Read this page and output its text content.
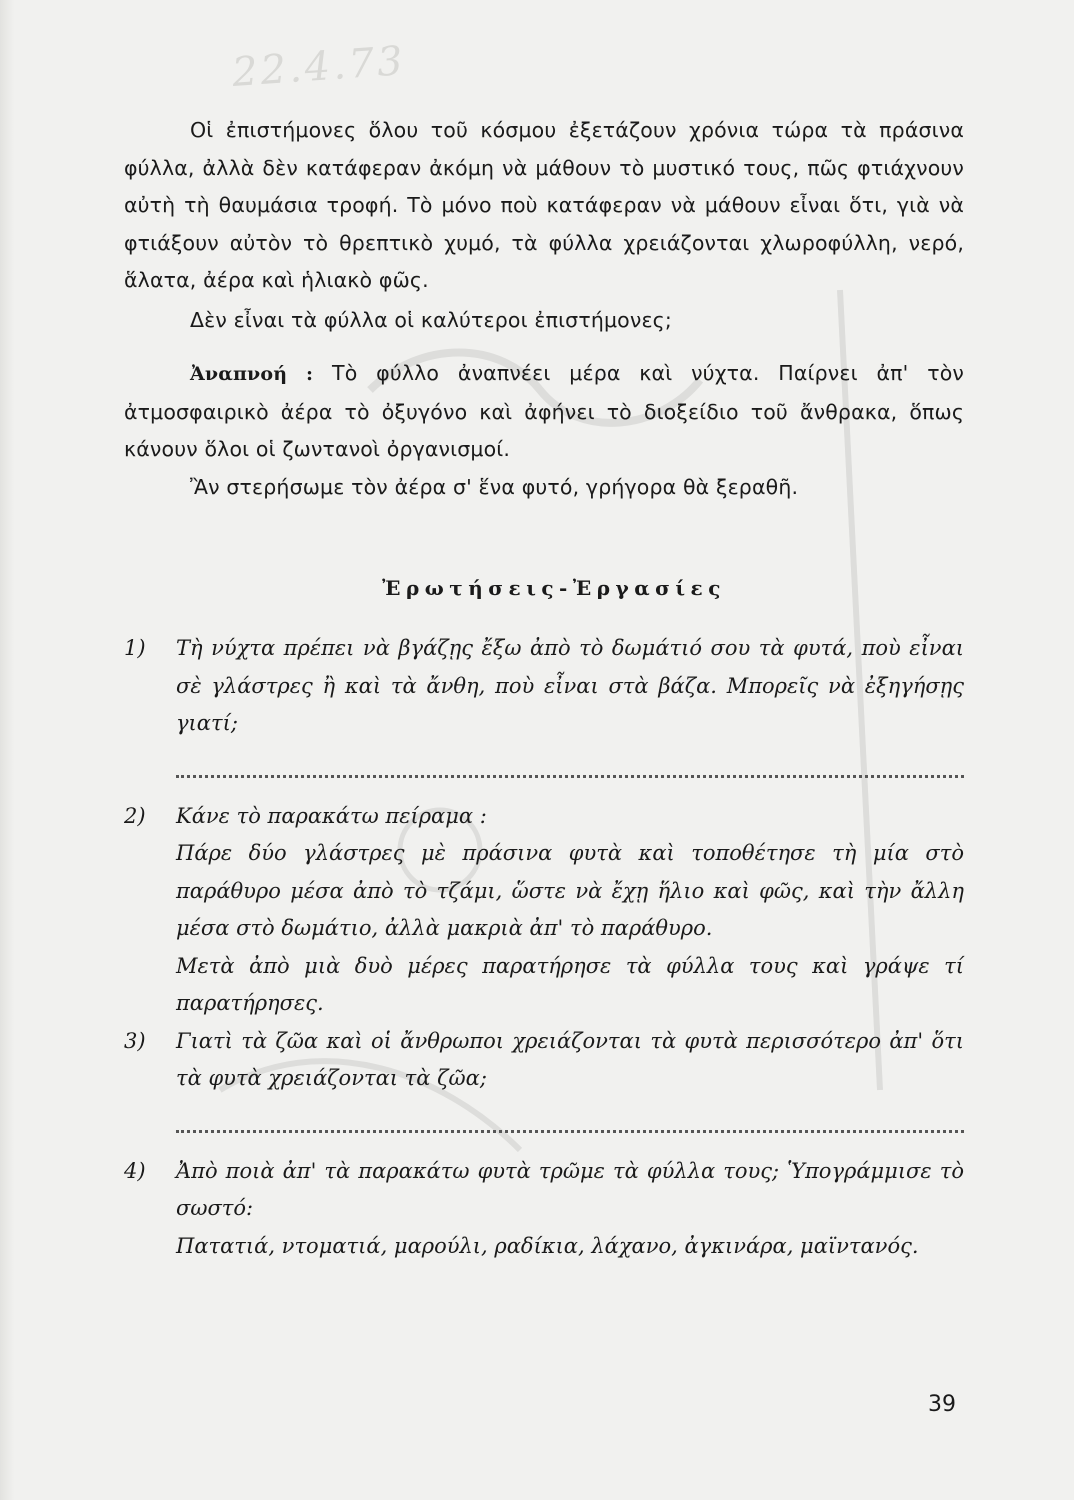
22.4.73

Οἱ ἐπιστήμονες ὅλου τοῦ κόσμου ἐξετάζουν χρόνια τώρα τὰ πράσινα φύλλα, ἀλλὰ δὲν κατάφεραν ἀκόμη νὰ μάθουν τὸ μυστικό τους, πῶς φτιάχνουν αὐτὴ τὴ θαυμάσια τροφή. Τὸ μόνο ποὺ κατάφεραν νὰ μάθουν εἶναι ὅτι, γιὰ νὰ φτιάξουν αὐτὸν τὸ θρεπτικὸ χυμό, τὰ φύλλα χρειάζονται χλωροφύλλη, νερό, ἅλατα, ἀέρα καὶ ἡλιακὸ φῶς.

Δὲν εἶναι τὰ φύλλα οἱ καλύτεροι ἐπιστήμονες;

Ἀναπνοή : Τὸ φύλλο ἀναπνέει μέρα καὶ νύχτα. Παίρνει ἀπ' τὸν ἀτμοσφαιρικὸ ἀέρα τὸ ὀξυγόνο καὶ ἀφήνει τὸ διοξείδιο τοῦ ἄνθρακα, ὅπως κάνουν ὅλοι οἱ ζωντανοὶ ὀργανισμοί.

Ἂν στερήσωμε τὸν ἀέρα σ' ἕνα φυτό, γρήγορα θὰ ξεραθῆ.

Ἐρωτήσεις-Ἐργασίες
1)	Τὴ νύχτα πρέπει νὰ βγάζῃς ἔξω ἀπὸ τὸ δωμάτιό σου τὰ φυτά, ποὺ εἶναι σὲ γλάστρες ἢ καὶ τὰ ἄνθη, ποὺ εἶναι στὰ βάζα. Μπορεῖς νὰ ἐξηγήσῃς γιατί;

2)	Κάνε τὸ παρακάτω πείραμα :

Πάρε δύο γλάστρες μὲ πράσινα φυτὰ καὶ τοποθέτησε τὴ μία στὸ παράθυρο μέσα ἀπὸ τὸ τζάμι, ὥστε νὰ ἔχῃ ἥλιο καὶ φῶς, καὶ τὴν ἄλλη μέσα στὸ δωμάτιο, ἀλλὰ μακριὰ ἀπ' τὸ παράθυρο.

Μετὰ ἀπὸ μιὰ δυὸ μέρες παρατήρησε τὰ φύλλα τους καὶ γράψε τί παρατήρησες.

3)	Γιατὶ τὰ ζῶα καὶ οἱ ἄνθρωποι χρειάζονται τὰ φυτὰ περισσότερο ἀπ' ὅτι τὰ φυτὰ χρειάζονται τὰ ζῶα;

4)	Ἀπὸ ποιὰ ἀπ' τὰ παρακάτω φυτὰ τρῶμε τὰ φύλλα τους; Ὑπογράμμισε τὸ σωστό:

Πατατιά, ντοματιά, μαρούλι, ραδίκια, λάχανο, ἀγκινάρα, μαϊντανός.

39
